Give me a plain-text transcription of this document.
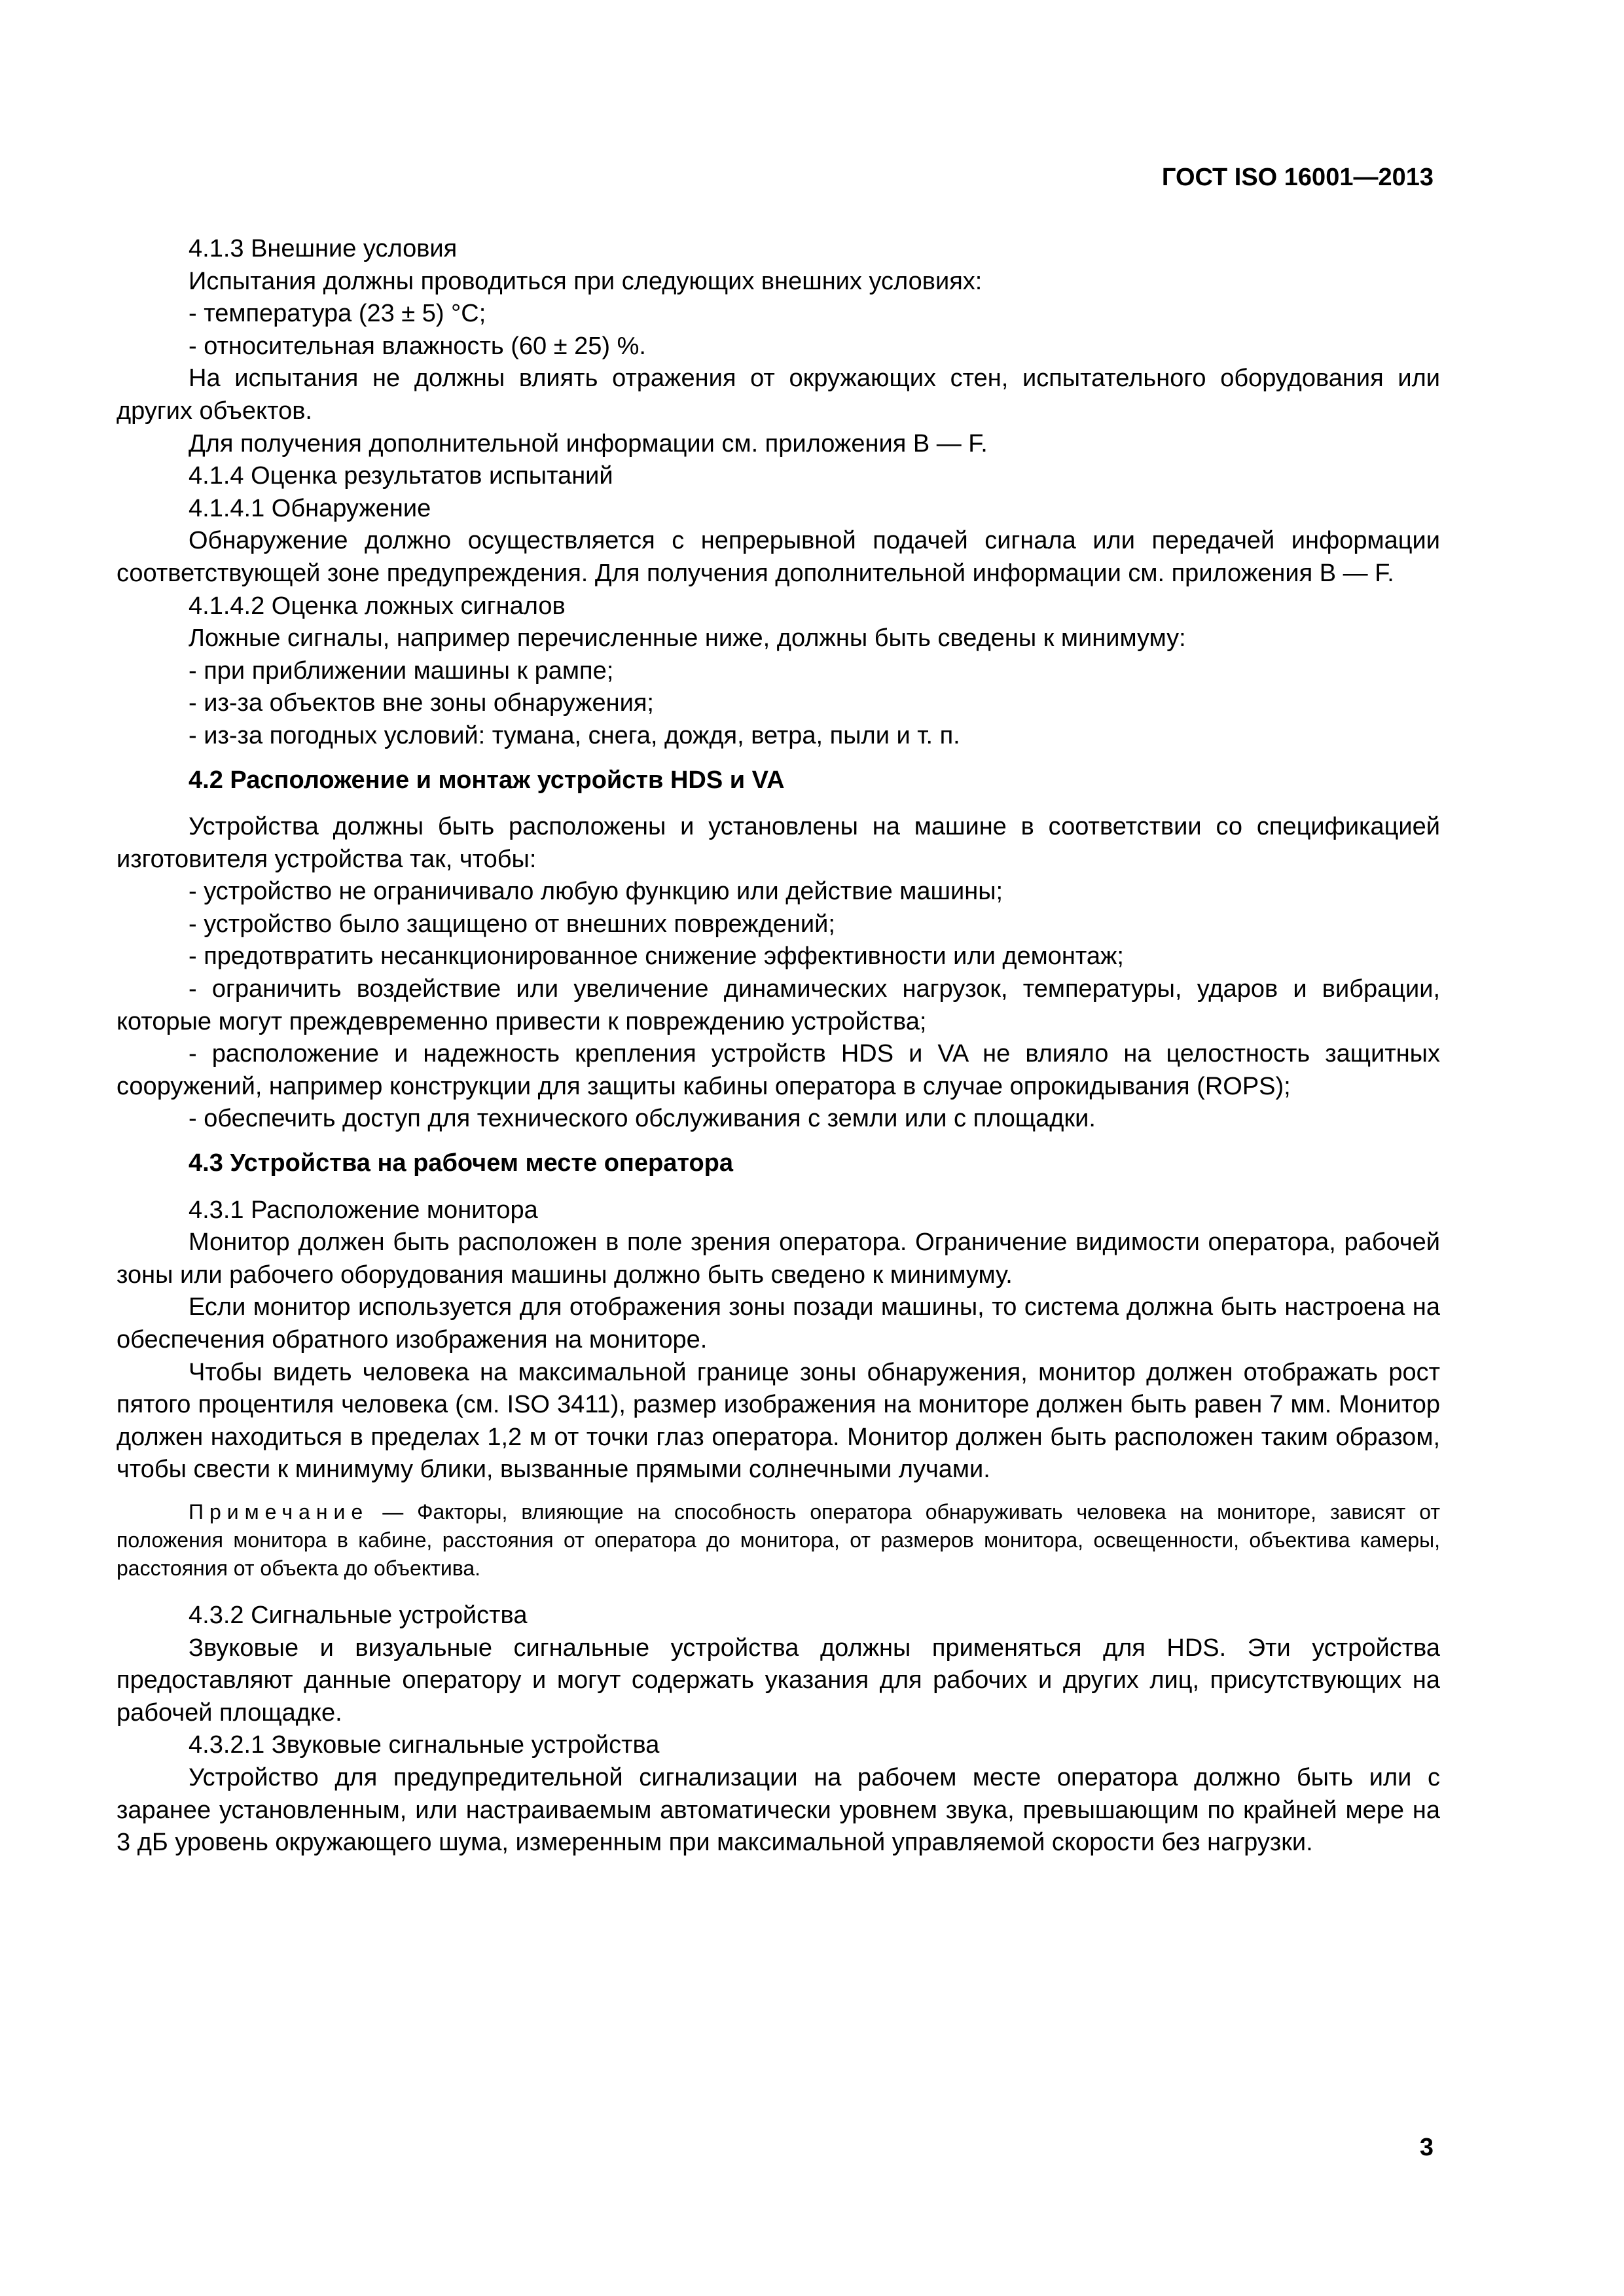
ГОСТ ISO 16001—2013

4.1.3 Внешние условия

Испытания должны проводиться при следующих внешних условиях:

- температура (23 ± 5) °C;

- относительная влажность (60 ± 25) %.

На испытания не должны влиять отражения от окружающих стен, испытательного оборудования или других объектов.

Для получения дополнительной информации см. приложения B — F.

4.1.4 Оценка результатов испытаний

4.1.4.1 Обнаружение

Обнаружение должно осуществляется с непрерывной подачей сигнала или передачей информации соответствующей зоне предупреждения. Для получения дополнительной информации см. приложения B — F.

4.1.4.2 Оценка ложных сигналов

Ложные сигналы, например перечисленные ниже, должны быть сведены к минимуму:

- при приближении машины к рампе;

- из-за объектов вне зоны обнаружения;

- из-за погодных условий: тумана, снега, дождя, ветра, пыли и т. п.

4.2 Расположение и монтаж устройств HDS и VA

Устройства должны быть расположены и установлены на машине в соответствии со спецификацией изготовителя устройства так, чтобы:

- устройство не ограничивало любую функцию или действие машины;

- устройство было защищено от внешних повреждений;

- предотвратить несанкционированное снижение эффективности или демонтаж;

- ограничить воздействие или увеличение динамических нагрузок, температуры, ударов и вибрации, которые могут преждевременно привести к повреждению устройства;

- расположение и надежность крепления устройств HDS и VA не влияло на целостность защитных сооружений, например конструкции для защиты кабины оператора в случае опрокидывания (ROPS);

- обеспечить доступ для технического обслуживания с земли или с площадки.

4.3 Устройства на рабочем месте оператора

4.3.1 Расположение монитора

Монитор должен быть расположен в поле зрения оператора. Ограничение видимости оператора, рабочей зоны или рабочего оборудования машины должно быть сведено к минимуму.

Если монитор используется для отображения зоны позади машины, то система должна быть настроена на обеспечения обратного изображения на мониторе.

Чтобы видеть человека на максимальной границе зоны обнаружения, монитор должен отображать рост пятого процентиля человека (см. ISO 3411), размер изображения на мониторе должен быть равен 7 мм. Монитор должен находиться в пределах 1,2 м от точки глаз оператора. Монитор должен быть расположен таким образом, чтобы свести к минимуму блики, вызванные прямыми солнечными лучами.

Примечание — Факторы, влияющие на способность оператора обнаруживать человека на мониторе, зависят от положения монитора в кабине, расстояния от оператора до монитора, от размеров монитора, освещенности, объектива камеры, расстояния от объекта до объектива.

4.3.2 Сигнальные устройства

Звуковые и визуальные сигнальные устройства должны применяться для HDS. Эти устройства предоставляют данные оператору и могут содержать указания для рабочих и других лиц, присутствующих на рабочей площадке.

4.3.2.1 Звуковые сигнальные устройства

Устройство для предупредительной сигнализации на рабочем месте оператора должно быть или с заранее установленным, или настраиваемым автоматически уровнем звука, превышающим по крайней мере на 3 дБ уровень окружающего шума, измеренным при максимальной управляемой скорости без нагрузки.

3
